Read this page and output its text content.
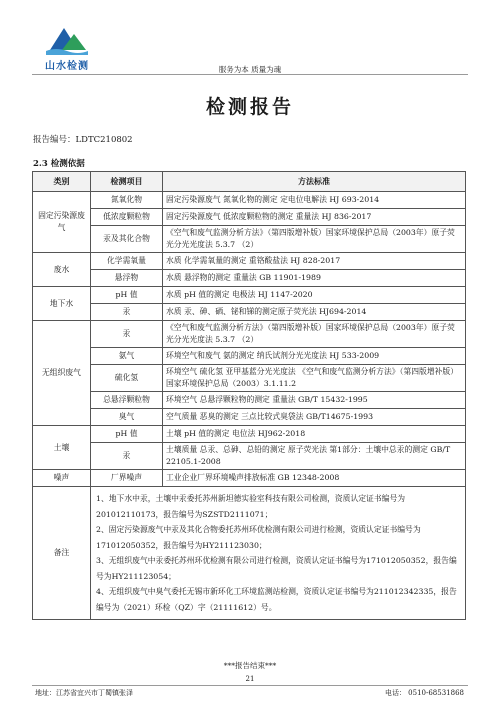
山水检测	服务为本 质量为魂
检测报告
报告编号：LDTC210802
2.3 检测依据
类别	检测项目	方法标准
固定污染源废气	氮氧化物	固定污染源废气 氮氧化物的测定 定电位电解法 HJ 693-2014
	低浓度颗粒物	固定污染源废气 低浓度颗粒物的测定 重量法 HJ 836-2017
	汞及其化合物	《空气和废气监测分析方法》（第四版增补版）国家环境保护总局（2003年）原子荧光分光光度法 5.3.7 （2）
废水	化学需氧量	水质 化学需氧量的测定 重铬酸盐法 HJ 828-2017
	悬浮物	水质 悬浮物的测定 重量法 GB 11901-1989
地下水	pH 值	水质 pH 值的测定 电极法 HJ 1147-2020
	汞	水质 汞、砷、硒、铋和锑的测定原子荧光法 HJ694-2014
无组织废气	汞	《空气和废气监测分析方法》（第四版增补版）国家环境保护总局（2003年）原子荧光分光光度法 5.3.7 （2）
	氨气	环境空气和废气 氨的测定 纳氏试剂分光光度法 HJ 533-2009
	硫化氢	环境空气 硫化氢 亚甲基蓝分光光度法 《空气和废气监测分析方法》（第四版增补版）国家环境保护总局（2003）3.1.11.2
	总悬浮颗粒物	环境空气 总悬浮颗粒物的测定 重量法 GB/T 15432-1995
	臭气	空气质量 恶臭的测定 三点比较式臭袋法 GB/T14675-1993
土壤	pH 值	土壤 pH 值的测定 电位法 HJ962-2018
	汞	土壤质量 总汞、总砷、总铅的测定 原子荧光法 第1部分：土壤中总汞的测定 GB/T 22105.1-2008
噪声	厂界噪声	工业企业厂界环境噪声排放标准 GB 12348-2008
备注	1、地下水中汞，土壤中汞委托苏州新坦德实验室科技有限公司检测，资质认定证书编号为201012110173，报告编号为SZSTD2111071；
2、固定污染源废气中汞及其化合物委托苏州环优检测有限公司进行检测，资质认定证书编号为171012050352，报告编号为HY211123030；
3、无组织废气中汞委托苏州环优检测有限公司进行检测，资质认定证书编号为171012050352，报告编号为HY211123054；
4、无组织废气中臭气委托无锡市新环化工环境监测站检测，资质认定证书编号为211012342335，报告编号为（2021）环检（QZ）字（21111612）号。	
***报告结束***
21
地址：江苏省宜兴市丁蜀镇张泽	电话： 0510-68531868
